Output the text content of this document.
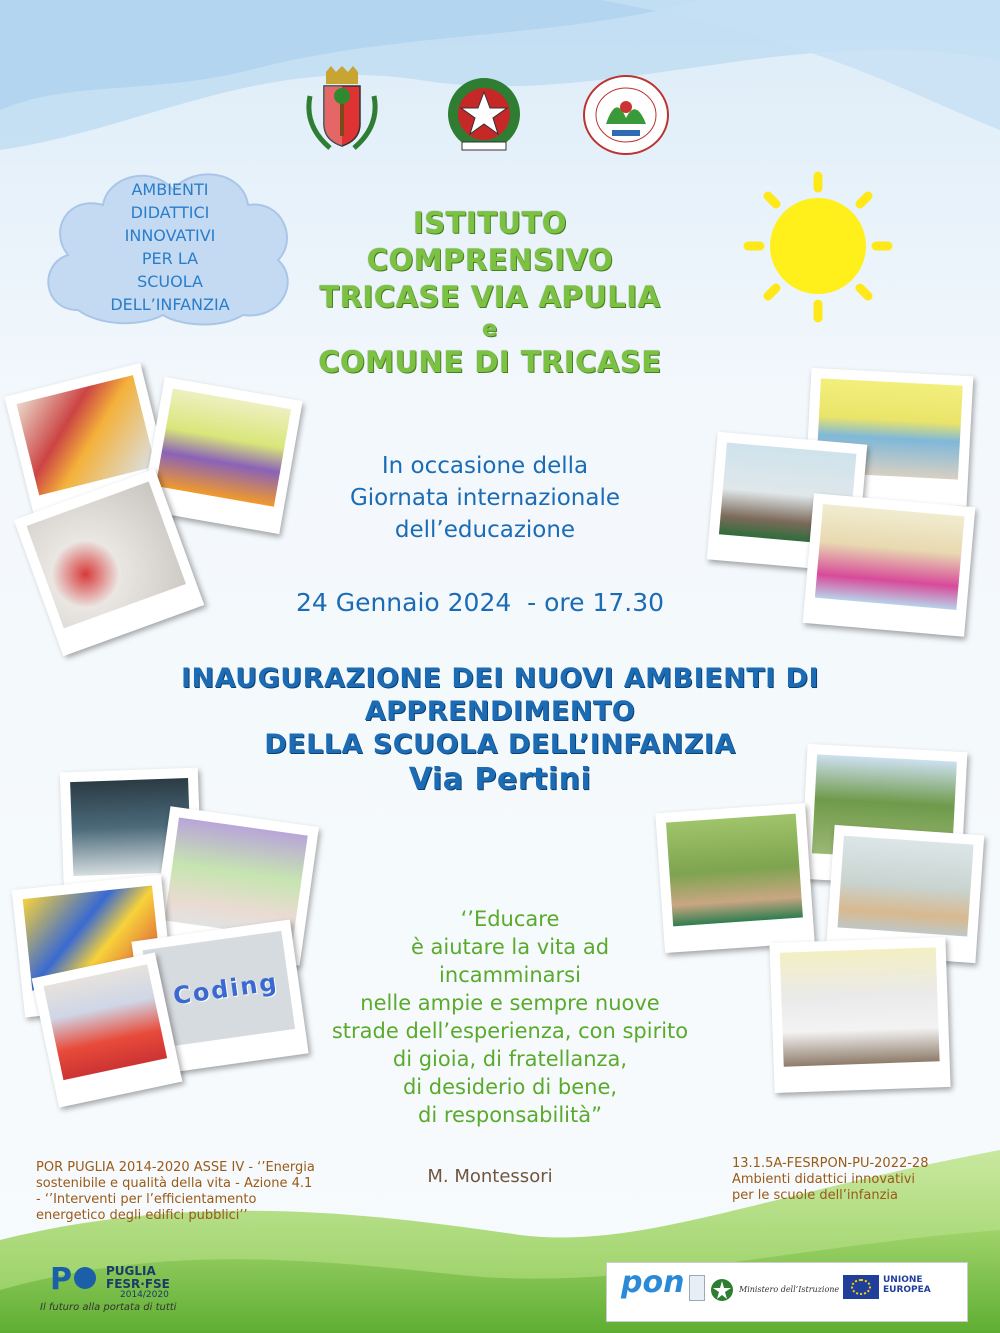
AMBIENTI
DIDATTICI
INNOVATIVI
PER LA
SCUOLA
DELL’INFANZIA
ISTITUTO
COMPRENSIVO
TRICASE VIA APULIA
e
COMUNE DI TRICASE
In occasione della
Giornata internazionale
dell’educazione
24 Gennaio 2024  - ore 17.30
INAUGURAZIONE DEI NUOVI AMBIENTI DI
APPRENDIMENTO
DELLA SCUOLA DELL’INFANZIA
Via Pertini
Coding
‘’Educare
è aiutare la vita ad
incamminarsi
nelle ampie e sempre nuove
strade dell’esperienza, con spirito
di gioia, di fratellanza,
di desiderio di bene,
di responsabilità”
M. Montessori
POR PUGLIA 2014-2020 ASSE IV - ‘’Energia sostenibile e qualità della vita - Azione 4.1 - ‘’Interventi per l’efficientamento energetico degli edifici pubblici’’
13.1.5A-FESRPON-PU-2022-28 Ambienti didattici innovativi per le scuole dell’infanzia
P	PUGLIA
FESR·FSE
2014/2020
Il futuro alla portata di tutti
pon	Ministero dell’Istruzione
UNIONE EUROPEA
